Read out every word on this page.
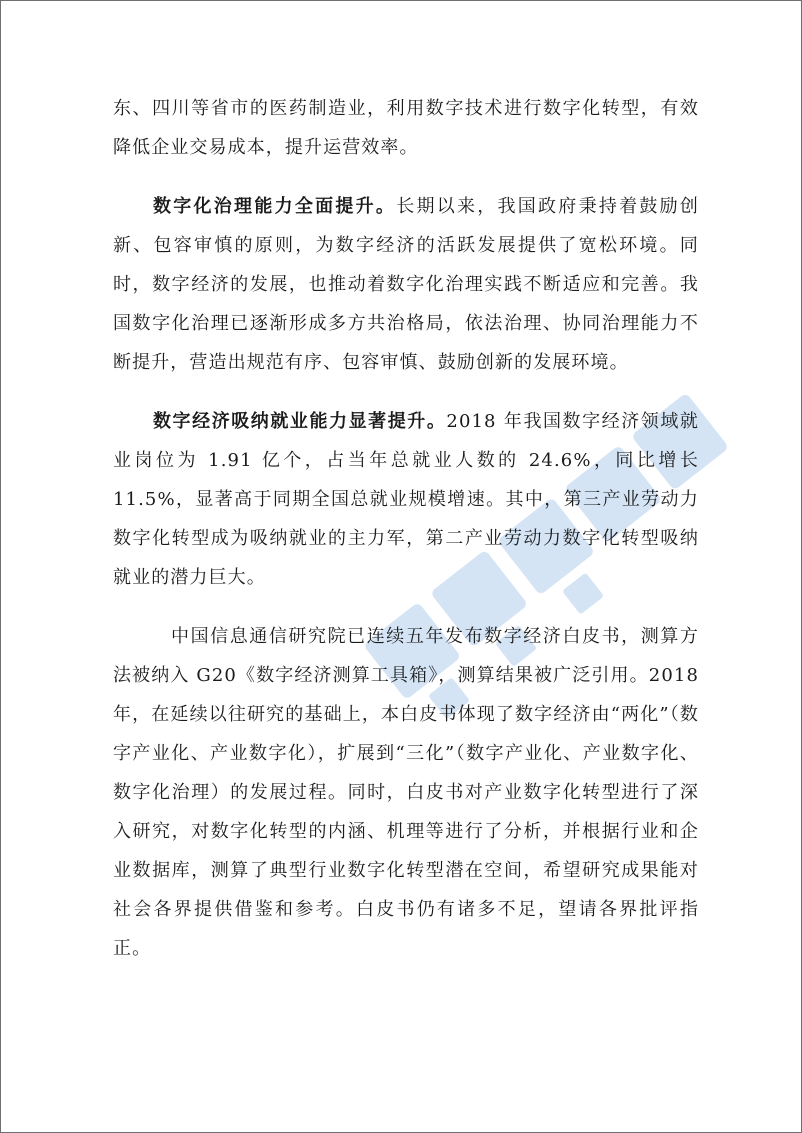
东、四川等省市的医药制造业，利用数字技术进行数字化转型，有效降低企业交易成本，提升运营效率。

数字化治理能力全面提升。长期以来，我国政府秉持着鼓励创新、包容审慎的原则，为数字经济的活跃发展提供了宽松环境。同时，数字经济的发展，也推动着数字化治理实践不断适应和完善。我国数字化治理已逐渐形成多方共治格局，依法治理、协同治理能力不断提升，营造出规范有序、包容审慎、鼓励创新的发展环境。

数字经济吸纳就业能力显著提升。2018 年我国数字经济领域就业岗位为 1.91 亿个，占当年总就业人数的 24.6%，同比增长 11.5%，显著高于同期全国总就业规模增速。其中，第三产业劳动力数字化转型成为吸纳就业的主力军，第二产业劳动力数字化转型吸纳就业的潜力巨大。

中国信息通信研究院已连续五年发布数字经济白皮书，测算方法被纳入 G20《数字经济测算工具箱》，测算结果被广泛引用。2018年，在延续以往研究的基础上，本白皮书体现了数字经济由“两化”（数字产业化、产业数字化），扩展到“三化”（数字产业化、产业数字化、数字化治理）的发展过程。同时，白皮书对产业数字化转型进行了深入研究，对数字化转型的内涵、机理等进行了分析，并根据行业和企业数据库，测算了典型行业数字化转型潜在空间，希望研究成果能对社会各界提供借鉴和参考。白皮书仍有诸多不足，望请各界批评指正。
